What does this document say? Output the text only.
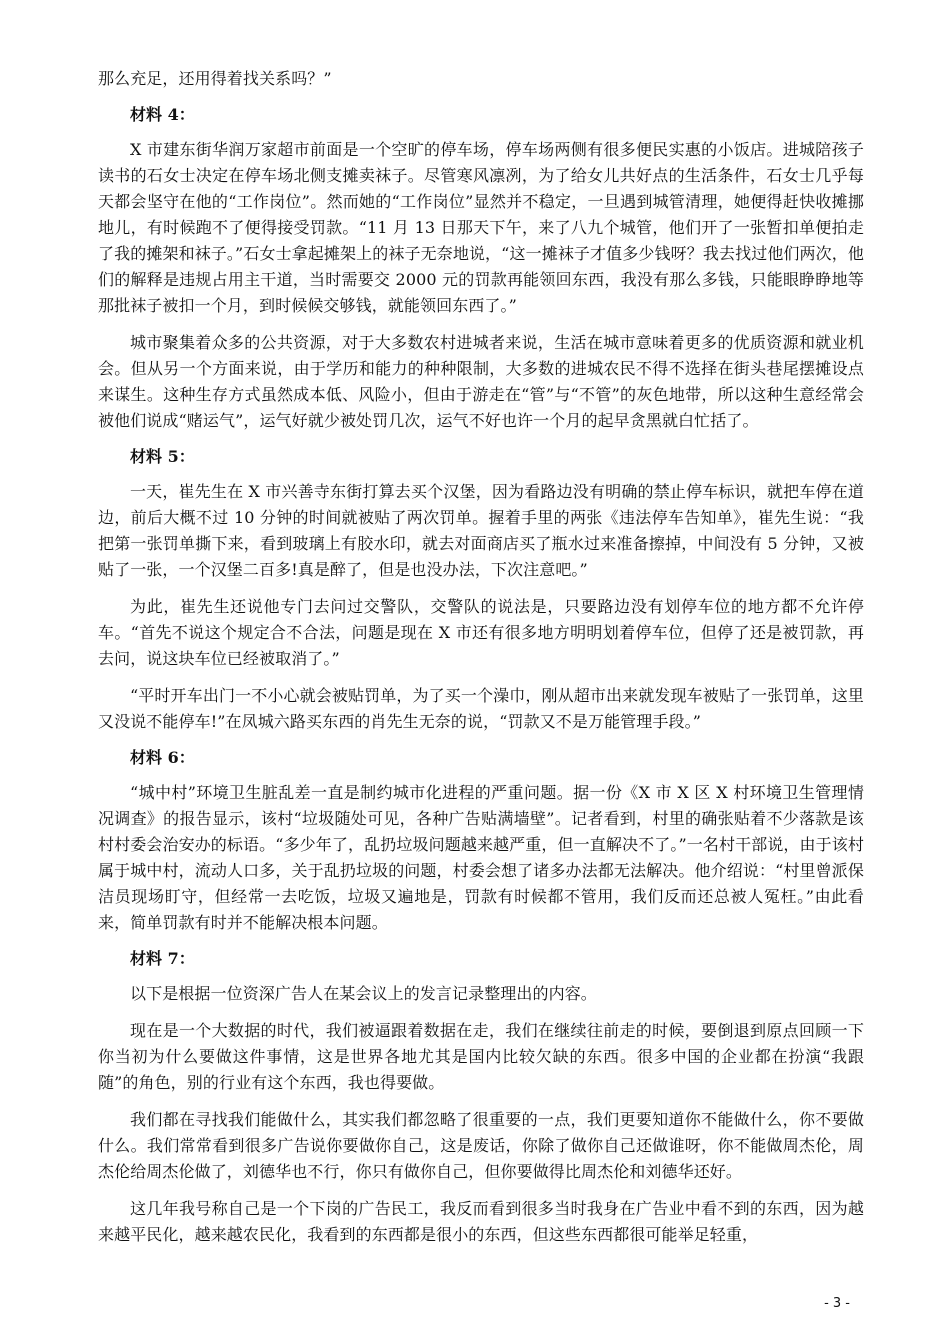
那么充足，还用得着找关系吗？”

材料 4：

X 市建东街华润万家超市前面是一个空旷的停车场，停车场两侧有很多便民实惠的小饭店。进城陪孩子读书的石女士决定在停车场北侧支摊卖袜子。尽管寒风凛冽，为了给女儿共好点的生活条件，石女士几乎每天都会坚守在他的“工作岗位”。然而她的“工作岗位”显然并不稳定，一旦遇到城管清理，她便得赶快收摊挪地儿，有时候跑不了便得接受罚款。“11 月 13 日那天下午，来了八九个城管，他们开了一张暂扣单便拍走了我的摊架和袜子。”石女士拿起摊架上的袜子无奈地说，“这一摊袜子才值多少钱呀？我去找过他们两次，他们的解释是违规占用主干道，当时需要交 2000 元的罚款再能领回东西，我没有那么多钱，只能眼睁睁地等那批袜子被扣一个月，到时候候交够钱，就能领回东西了。”

城市聚集着众多的公共资源，对于大多数农村进城者来说，生活在城市意味着更多的优质资源和就业机会。但从另一个方面来说，由于学历和能力的种种限制，大多数的进城农民不得不选择在街头巷尾摆摊设点来谋生。这种生存方式虽然成本低、风险小，但由于游走在“管”与“不管”的灰色地带，所以这种生意经常会被他们说成“赌运气”，运气好就少被处罚几次，运气不好也许一个月的起早贪黑就白忙括了。

材料 5：

一天，崔先生在 X 市兴善寺东街打算去买个汉堡，因为看路边没有明确的禁止停车标识，就把车停在道边，前后大概不过 10 分钟的时间就被贴了两次罚单。握着手里的两张《违法停车告知单》，崔先生说：“我把第一张罚单撕下来，看到玻璃上有胶水印，就去对面商店买了瓶水过来准备擦掉，中间没有 5 分钟，又被贴了一张，一个汉堡二百多!真是醉了，但是也没办法，下次注意吧。”

为此，崔先生还说他专门去问过交警队，交警队的说法是，只要路边没有划停车位的地方都不允许停车。“首先不说这个规定合不合法，问题是现在 X 市还有很多地方明明划着停车位，但停了还是被罚款，再去问，说这块车位已经被取消了。”

“平时开车出门一不小心就会被贴罚单，为了买一个澡巾，刚从超市出来就发现车被贴了一张罚单，这里又没说不能停车!”在凤城六路买东西的肖先生无奈的说，“罚款又不是万能管理手段。”

材料 6：

“城中村”环境卫生脏乱差一直是制约城市化进程的严重问题。据一份《X 市 X 区 X 村环境卫生管理情况调查》的报告显示，该村“垃圾随处可见，各种广告贴满墙壁”。记者看到，村里的确张贴着不少落款是该村村委会治安办的标语。“多少年了，乱扔垃圾问题越来越严重，但一直解决不了。”一名村干部说，由于该村属于城中村，流动人口多，关于乱扔垃圾的问题，村委会想了诸多办法都无法解决。他介绍说：“村里曾派保洁员现场盯守，但经常一去吃饭，垃圾又遍地是，罚款有时候都不管用，我们反而还总被人冤枉。”由此看来，简单罚款有时并不能解决根本问题。

材料 7：

以下是根据一位资深广告人在某会议上的发言记录整理出的内容。

现在是一个大数据的时代，我们被逼跟着数据在走，我们在继续往前走的时候，要倒退到原点回顾一下你当初为什么要做这件事情，这是世界各地尤其是国内比较欠缺的东西。很多中国的企业都在扮演“我跟随”的角色，别的行业有这个东西，我也得要做。

我们都在寻找我们能做什么，其实我们都忽略了很重要的一点，我们更要知道你不能做什么，你不要做什么。我们常常看到很多广告说你要做你自己，这是废话，你除了做你自己还做谁呀，你不能做周杰伦，周杰伦给周杰伦做了，刘德华也不行，你只有做你自己，但你要做得比周杰伦和刘德华还好。

这几年我号称自己是一个下岗的广告民工，我反而看到很多当时我身在广告业中看不到的东西，因为越来越平民化，越来越农民化，我看到的东西都是很小的东西，但这些东西都很可能举足轻重，

- 3 -
